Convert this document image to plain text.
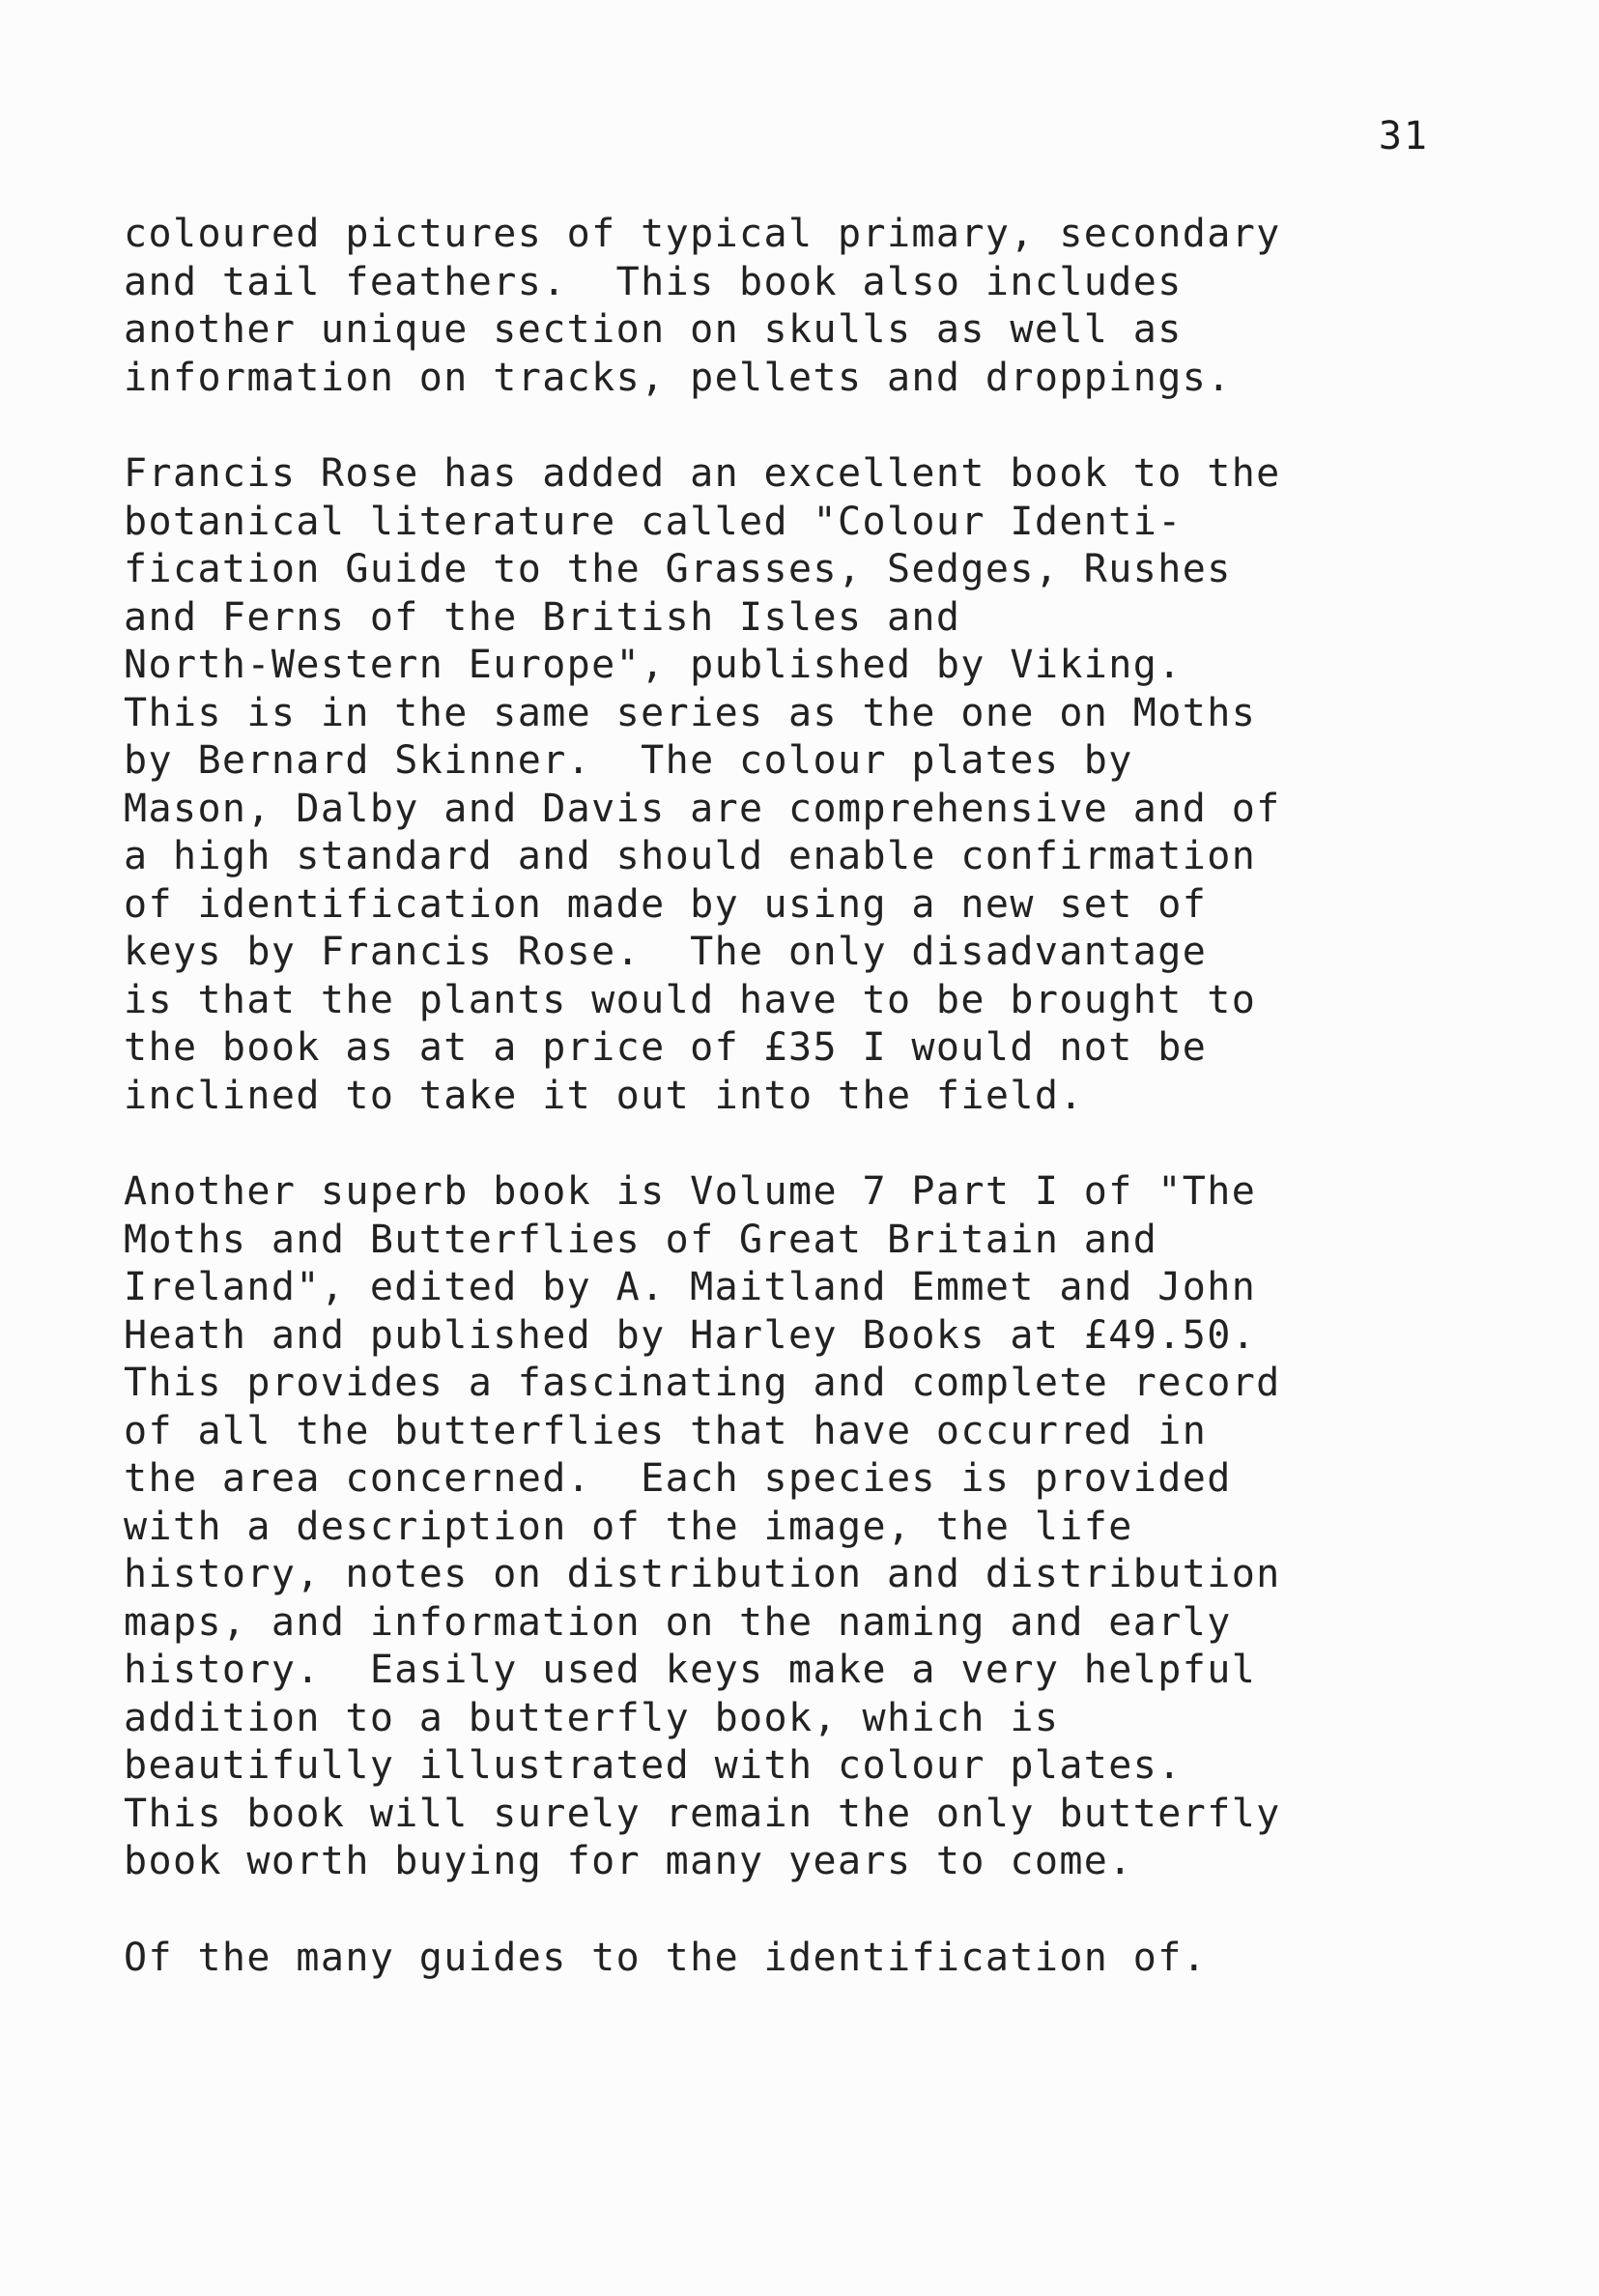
31
coloured pictures of typical primary, secondary
and tail feathers.  This book also includes
another unique section on skulls as well as
information on tracks, pellets and droppings.
Francis Rose has added an excellent book to the
botanical literature called "Colour Identi-
fication Guide to the Grasses, Sedges, Rushes
and Ferns of the British Isles and
North-Western Europe", published by Viking.
This is in the same series as the one on Moths
by Bernard Skinner.  The colour plates by
Mason, Dalby and Davis are comprehensive and of
a high standard and should enable confirmation
of identification made by using a new set of
keys by Francis Rose.  The only disadvantage
is that the plants would have to be brought to
the book as at a price of £35 I would not be
inclined to take it out into the field.
Another superb book is Volume 7 Part I of "The
Moths and Butterflies of Great Britain and
Ireland", edited by A. Maitland Emmet and John
Heath and published by Harley Books at £49.50.
This provides a fascinating and complete record
of all the butterflies that have occurred in
the area concerned.  Each species is provided
with a description of the image, the life
history, notes on distribution and distribution
maps, and information on the naming and early
history.  Easily used keys make a very helpful
addition to a butterfly book, which is
beautifully illustrated with colour plates.
This book will surely remain the only butterfly
book worth buying for many years to come.
Of the many guides to the identification of.
